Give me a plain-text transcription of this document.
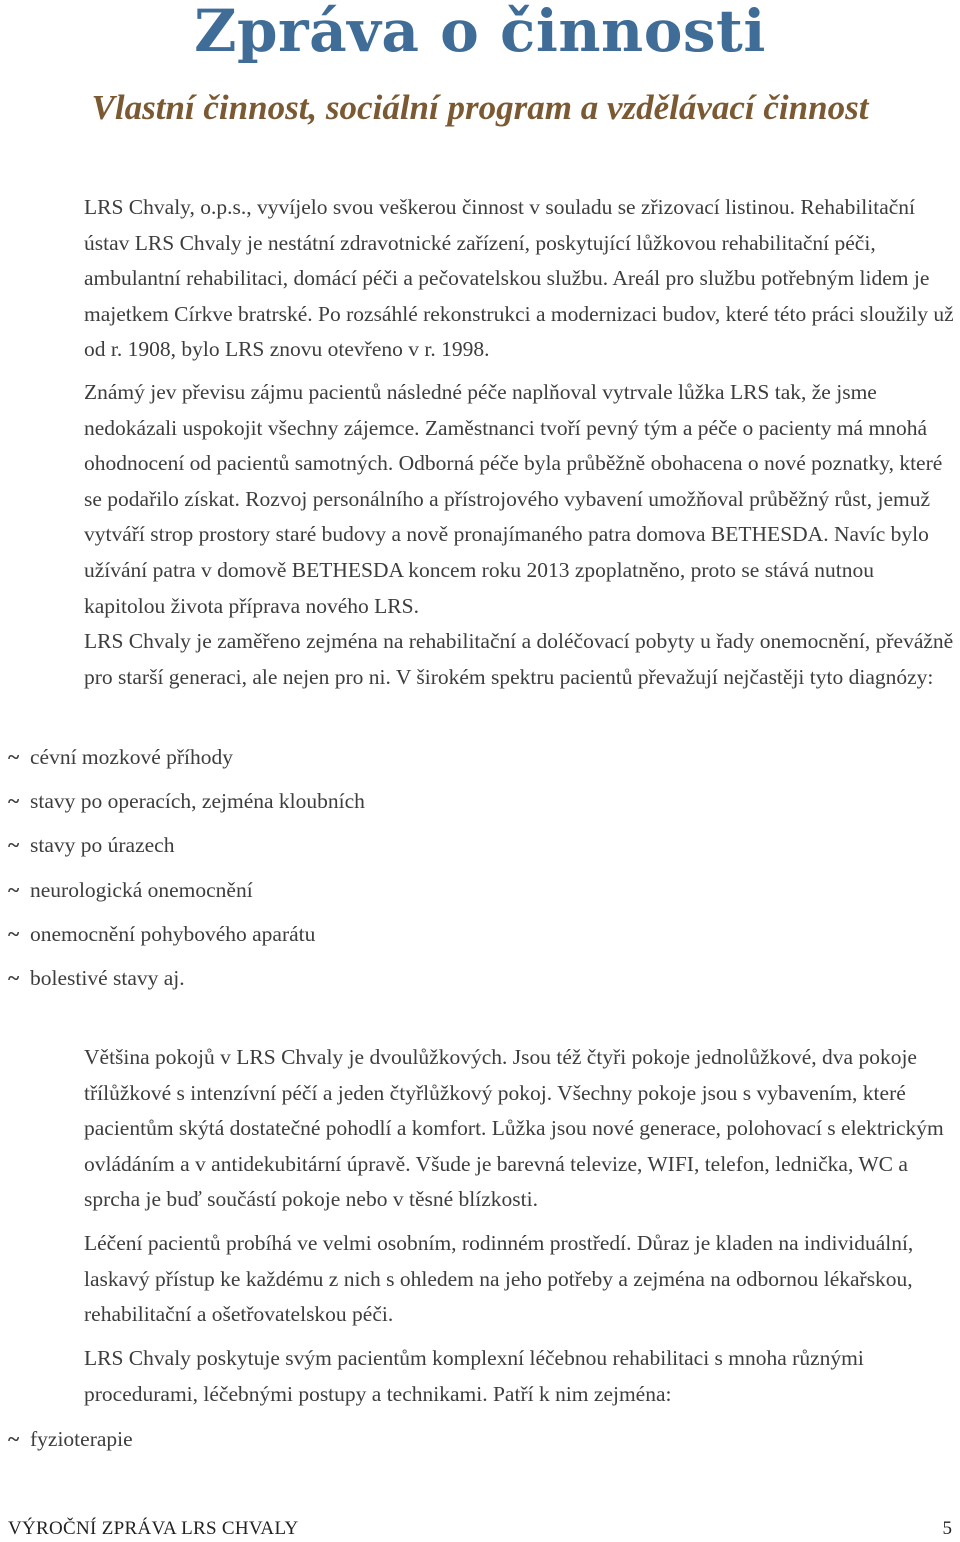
Zpráva o činnosti
Vlastní činnost, sociální program a vzdělávací činnost
LRS Chvaly, o.p.s., vyvíjelo svou veškerou činnost v souladu se zřizovací listinou. Rehabilitační ústav LRS Chvaly je nestátní zdravotnické zařízení, poskytující lůžkovou rehabilitační péči, ambulantní rehabilitaci, domácí péči a pečovatelskou službu. Areál pro službu potřebným lidem je majetkem Církve bratrské. Po rozsáhlé rekonstrukci a modernizaci budov, které této práci sloužily už od r. 1908, bylo LRS znovu otevřeno v r. 1998.
Známý jev převisu zájmu pacientů následné péče naplňoval vytrvale lůžka LRS tak, že jsme nedokázali uspokojit všechny zájemce. Zaměstnanci tvoří pevný tým a péče o pacienty má mnohá ohodnocení od pacientů samotných. Odborná péče byla průběžně obohacena o nové poznatky, které se podařilo získat. Rozvoj personálního a přístrojového vybavení umožňoval průběžný růst, jemuž vytváří strop prostory staré budovy a nově pronajímaného patra domova BETHESDA. Navíc bylo užívání patra v domově BETHESDA koncem roku 2013 zpoplatněno, proto se stává nutnou kapitolou života příprava nového LRS.
LRS Chvaly je zaměřeno zejména na rehabilitační a doléčovací pobyty u řady onemocnění, převážně pro starší generaci, ale nejen pro ni. V širokém spektru pacientů převažují nejčastěji tyto diagnózy:
~ cévní mozkové příhody
~ stavy po operacích, zejména kloubních
~ stavy po úrazech
~ neurologická onemocnění
~ onemocnění pohybového aparátu
~ bolestivé stavy aj.
Většina pokojů v LRS Chvaly je dvoulůžkových. Jsou též čtyři pokoje jednolůžkové, dva pokoje třílůžkové s intenzívní péčí a jeden čtyřlůžkový pokoj. Všechny pokoje jsou s vybavením, které pacientům skýtá dostatečné pohodlí a komfort. Lůžka jsou nové generace, polohovací s elektrickým ovládáním a v antidekubitární úpravě. Všude je barevná televize, WIFI, telefon, lednička, WC a sprcha je buď součástí pokoje nebo v těsné blízkosti.
Léčení pacientů probíhá ve velmi osobním, rodinném prostředí. Důraz je kladen na individuální, laskavý přístup ke každému z nich s ohledem na jeho potřeby a zejména na odbornou lékařskou, rehabilitační a ošetřovatelskou péči.
LRS Chvaly poskytuje svým pacientům komplexní léčebnou rehabilitaci s mnoha různými procedurami, léčebnými postupy a technikami. Patří k nim zejména:
~ fyzioterapie
VÝROČNÍ ZPRÁVA LRS CHVALY	5
